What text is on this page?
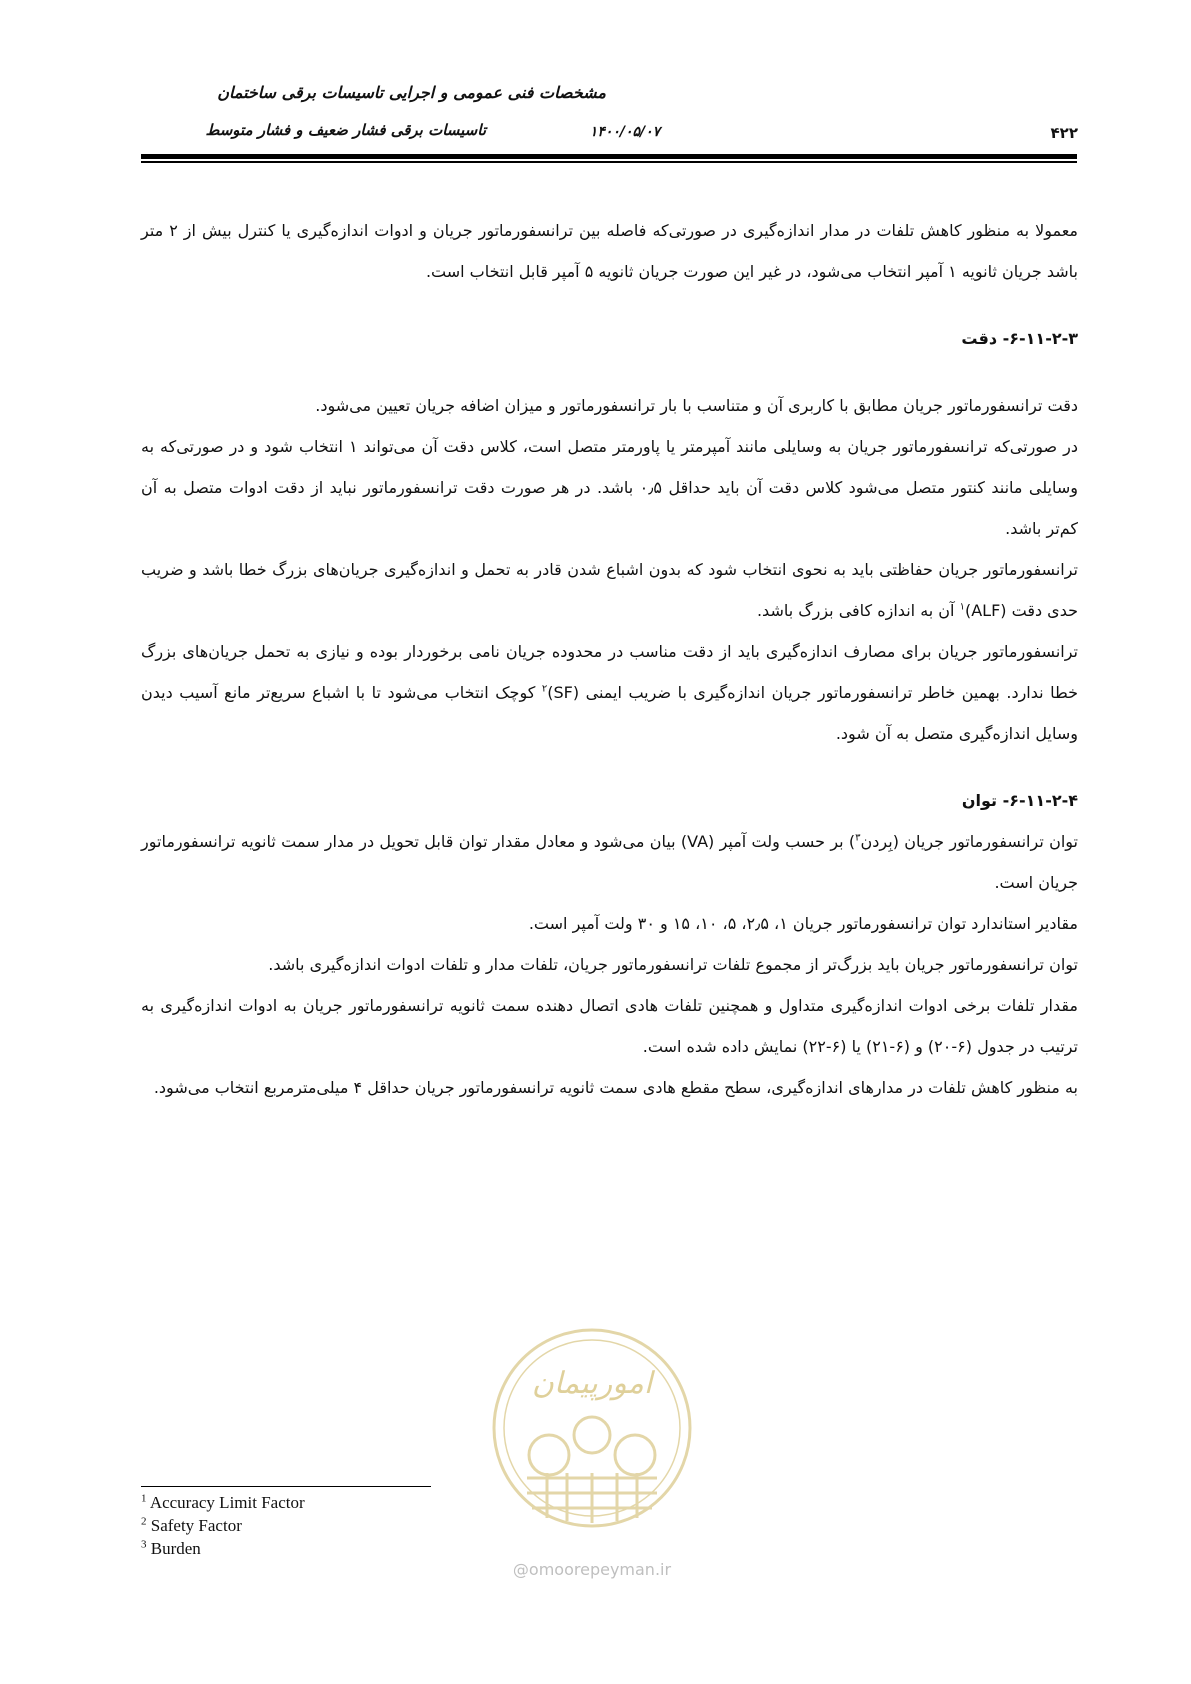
مشخصات فنی عمومی و اجرایی تاسیسات برقی ساختمان
تاسیسات برقی فشار ضعیف و فشار متوسط	۱۴۰۰/۰۵/۰۷	۴۲۲

معمولا به منظور کاهش تلفات در مدار اندازه‌گیری در صورتی‌که فاصله بین ترانسفورماتور جریان و ادوات اندازه‌گیری یا کنترل بیش از ۲ متر باشد جریان ثانویه ۱ آمپر انتخاب می‌شود، در غیر این صورت جریان ثانویه ۵ آمپر قابل انتخاب است.

۶-۱۱-۲-۳- دقت

دقت ترانسفورماتور جریان مطابق با کاربری آن و متناسب با بار ترانسفورماتور و میزان اضافه جریان تعیین می‌شود.

در صورتی‌که ترانسفورماتور جریان به وسایلی مانند آمپرمتر یا پاورمتر متصل است، کلاس دقت آن می‌تواند ۱ انتخاب شود و در صورتی‌که به وسایلی مانند کنتور متصل می‌شود کلاس دقت آن باید حداقل ۰٫۵ باشد. در هر صورت دقت ترانسفورماتور نباید از دقت ادوات متصل به آن کم‌تر باشد.

ترانسفورماتور جریان حفاظتی باید به نحوی انتخاب شود که بدون اشباع شدن قادر به تحمل و اندازه‌گیری جریان‌های بزرگ خطا باشد و ضریب حدی دقت (ALF)$^۱$ آن به اندازه کافی بزرگ باشد.

ترانسفورماتور جریان برای مصارف اندازه‌گیری باید از دقت مناسب در محدوده جریان نامی برخوردار بوده و نیازی به تحمل جریان‌های بزرگ خطا ندارد. بهمین خاطر ترانسفورماتور جریان اندازه‌گیری با ضریب ایمنی (SF)$^۲$ کوچک انتخاب می‌شود تا با اشباع سریع‌تر مانع آسیب دیدن وسایل اندازه‌گیری متصل به آن شود.

۶-۱۱-۲-۴- توان

توان ترانسفورماتور جریان (بِردن$^۳$) بر حسب ولت آمپر (VA) بیان می‌شود و معادل مقدار توان قابل تحویل در مدار سمت ثانویه ترانسفورماتور جریان است.

مقادیر استاندارد توان ترانسفورماتور جریان ۱، ۲٫۵، ۵، ۱۰، ۱۵ و ۳۰ ولت آمپر است.

توان ترانسفورماتور جریان باید بزرگ‌تر از مجموع تلفات ترانسفورماتور جریان، تلفات مدار و تلفات ادوات اندازه‌گیری باشد.

مقدار تلفات برخی ادوات اندازه‌گیری متداول و همچنین تلفات هادی اتصال دهنده سمت ثانویه ترانسفورماتور جریان به ادوات اندازه‌گیری به ترتیب در جدول (۶-۲۰) و (۶-۲۱) یا (۶-۲۲) نمایش داده شده است.

به منظور کاهش تلفات در مدارهای اندازه‌گیری، سطح مقطع هادی سمت ثانویه ترانسفورماتور جریان حداقل ۴ میلی‌مترمربع انتخاب می‌شود.

امورپیمان
@omoorepeyman.ir
$^1$ Accuracy Limit Factor
$^2$ Safety Factor
$^3$ Burden
